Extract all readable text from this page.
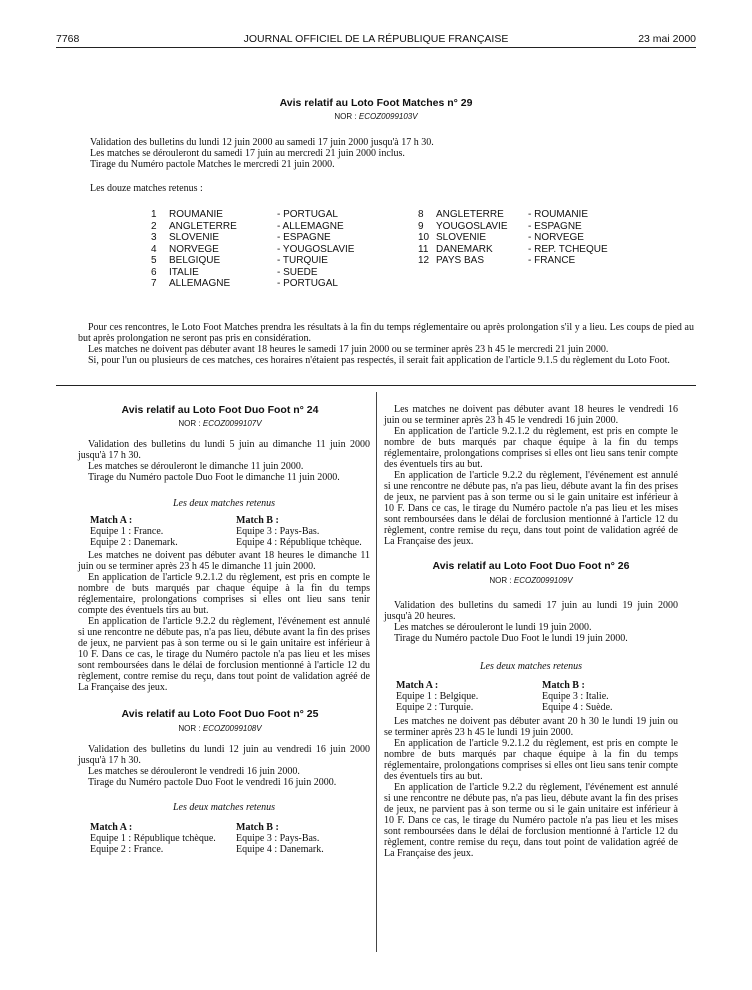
7768	JOURNAL OFFICIEL DE LA RÉPUBLIQUE FRANÇAISE	23 mai 2000
Avis relatif au Loto Foot Matches n° 29
NOR : ECOZ0099103V

Validation des bulletins du lundi 12 juin 2000 au samedi 17 juin 2000 jusqu'à 17 h 30.

Les matches se dérouleront du samedi 17 juin au mercredi 21 juin 2000 inclus.

Tirage du Numéro pactole Matches le mercredi 21 juin 2000.

Les douze matches retenus :
1	ROUMANIE	- PORTUGAL
2	ANGLETERRE	- ALLEMAGNE
3	SLOVENIE	- ESPAGNE
4	NORVEGE	- YOUGOSLAVIE
5	BELGIQUE	- TURQUIE
6	ITALIE	- SUEDE
7	ALLEMAGNE	- PORTUGAL
8	ANGLETERRE	- ROUMANIE
9	YOUGOSLAVIE	- ESPAGNE
10 SLOVENIE	- NORVEGE
11 DANEMARK	- REP. TCHEQUE
12 PAYS BAS	- FRANCE

Pour ces rencontres, le Loto Foot Matches prendra les résultats à la fin du temps réglementaire ou après prolongation s'il y a lieu. Les coups de pied au but après prolongation ne seront pas pris en considération.

Les matches ne doivent pas débuter avant 18 heures le samedi 17 juin 2000 ou se terminer après 23 h 45 le mercredi 21 juin 2000.

Si, pour l'un ou plusieurs de ces matches, ces horaires n'étaient pas respectés, il serait fait application de l'article 9.1.5 du règlement du Loto Foot.

Avis relatif au Loto Foot Duo Foot n° 24
NOR : ECOZ0099107V

Validation des bulletins du lundi 5 juin au dimanche 11 juin 2000 jusqu'à 17 h 30.

Les matches se dérouleront le dimanche 11 juin 2000.

Tirage du Numéro pactole Duo Foot le dimanche 11 juin 2000.

Les deux matches retenus
Match A :	Match B :
Equipe 1 : France.	Equipe 3 : Pays-Bas.
Equipe 2 : Danemark.	Equipe 4 : République tchèque.

Les matches ne doivent pas débuter avant 18 heures le dimanche 11 juin ou se terminer après 23 h 45 le dimanche 11 juin 2000.

En application de l'article 9.2.1.2 du règlement, est pris en compte le nombre de buts marqués par chaque équipe à la fin du temps réglementaire, prolongations comprises si elles ont lieu sans tenir compte des éventuels tirs au but.

En application de l'article 9.2.2 du règlement, l'événement est annulé si une rencontre ne débute pas, n'a pas lieu, débute avant la fin des prises de jeux, ne parvient pas à son terme ou si le gain unitaire est inférieur à 10 F. Dans ce cas, le tirage du Numéro pactole n'a pas lieu et les mises sont remboursées dans le délai de forclusion mentionné à l'article 12 du règlement, contre remise du reçu, dans tout point de validation agréé de La Française des jeux.

Avis relatif au Loto Foot Duo Foot n° 25
NOR : ECOZ0099108V

Validation des bulletins du lundi 12 juin au vendredi 16 juin 2000 jusqu'à 17 h 30.

Les matches se dérouleront le vendredi 16 juin 2000.

Tirage du Numéro pactole Duo Foot le vendredi 16 juin 2000.

Les deux matches retenus
Match A :	Match B :
Equipe 1 : République tchèque.	Equipe 3 : Pays-Bas.
Equipe 2 : France.	Equipe 4 : Danemark.

Les matches ne doivent pas débuter avant 18 heures le vendredi 16 juin ou se terminer après 23 h 45 le vendredi 16 juin 2000.

En application de l'article 9.2.1.2 du règlement, est pris en compte le nombre de buts marqués par chaque équipe à la fin du temps réglementaire, prolongations comprises si elles ont lieu sans tenir compte des éventuels tirs au but.

En application de l'article 9.2.2 du règlement, l'événement est annulé si une rencontre ne débute pas, n'a pas lieu, débute avant la fin des prises de jeux, ne parvient pas à son terme ou si le gain unitaire est inférieur à 10 F. Dans ce cas, le tirage du Numéro pactole n'a pas lieu et les mises sont remboursées dans le délai de forclusion mentionné à l'article 12 du règlement, contre remise du reçu, dans tout point de validation agréé de La Française des jeux.

Avis relatif au Loto Foot Duo Foot n° 26
NOR : ECOZ0099109V

Validation des bulletins du samedi 17 juin au lundi 19 juin 2000 jusqu'à 20 heures.

Les matches se dérouleront le lundi 19 juin 2000.

Tirage du Numéro pactole Duo Foot le lundi 19 juin 2000.

Les deux matches retenus
Match A :	Match B :
Equipe 1 : Belgique.	Equipe 3 : Italie.
Equipe 2 : Turquie.	Equipe 4 : Suède.

Les matches ne doivent pas débuter avant 20 h 30 le lundi 19 juin ou se terminer après 23 h 45 le lundi 19 juin 2000.

En application de l'article 9.2.1.2 du règlement, est pris en compte le nombre de buts marqués par chaque équipe à la fin du temps réglementaire, prolongations comprises si elles ont lieu sans tenir compte des éventuels tirs au but.

En application de l'article 9.2.2 du règlement, l'événement est annulé si une rencontre ne débute pas, n'a pas lieu, débute avant la fin des prises de jeux, ne parvient pas à son terme ou si le gain unitaire est inférieur à 10 F. Dans ce cas, le tirage du Numéro pactole n'a pas lieu et les mises sont remboursées dans le délai de forclusion mentionné à l'article 12 du règlement, contre remise du reçu, dans tout point de validation agréé de La Française des jeux.
